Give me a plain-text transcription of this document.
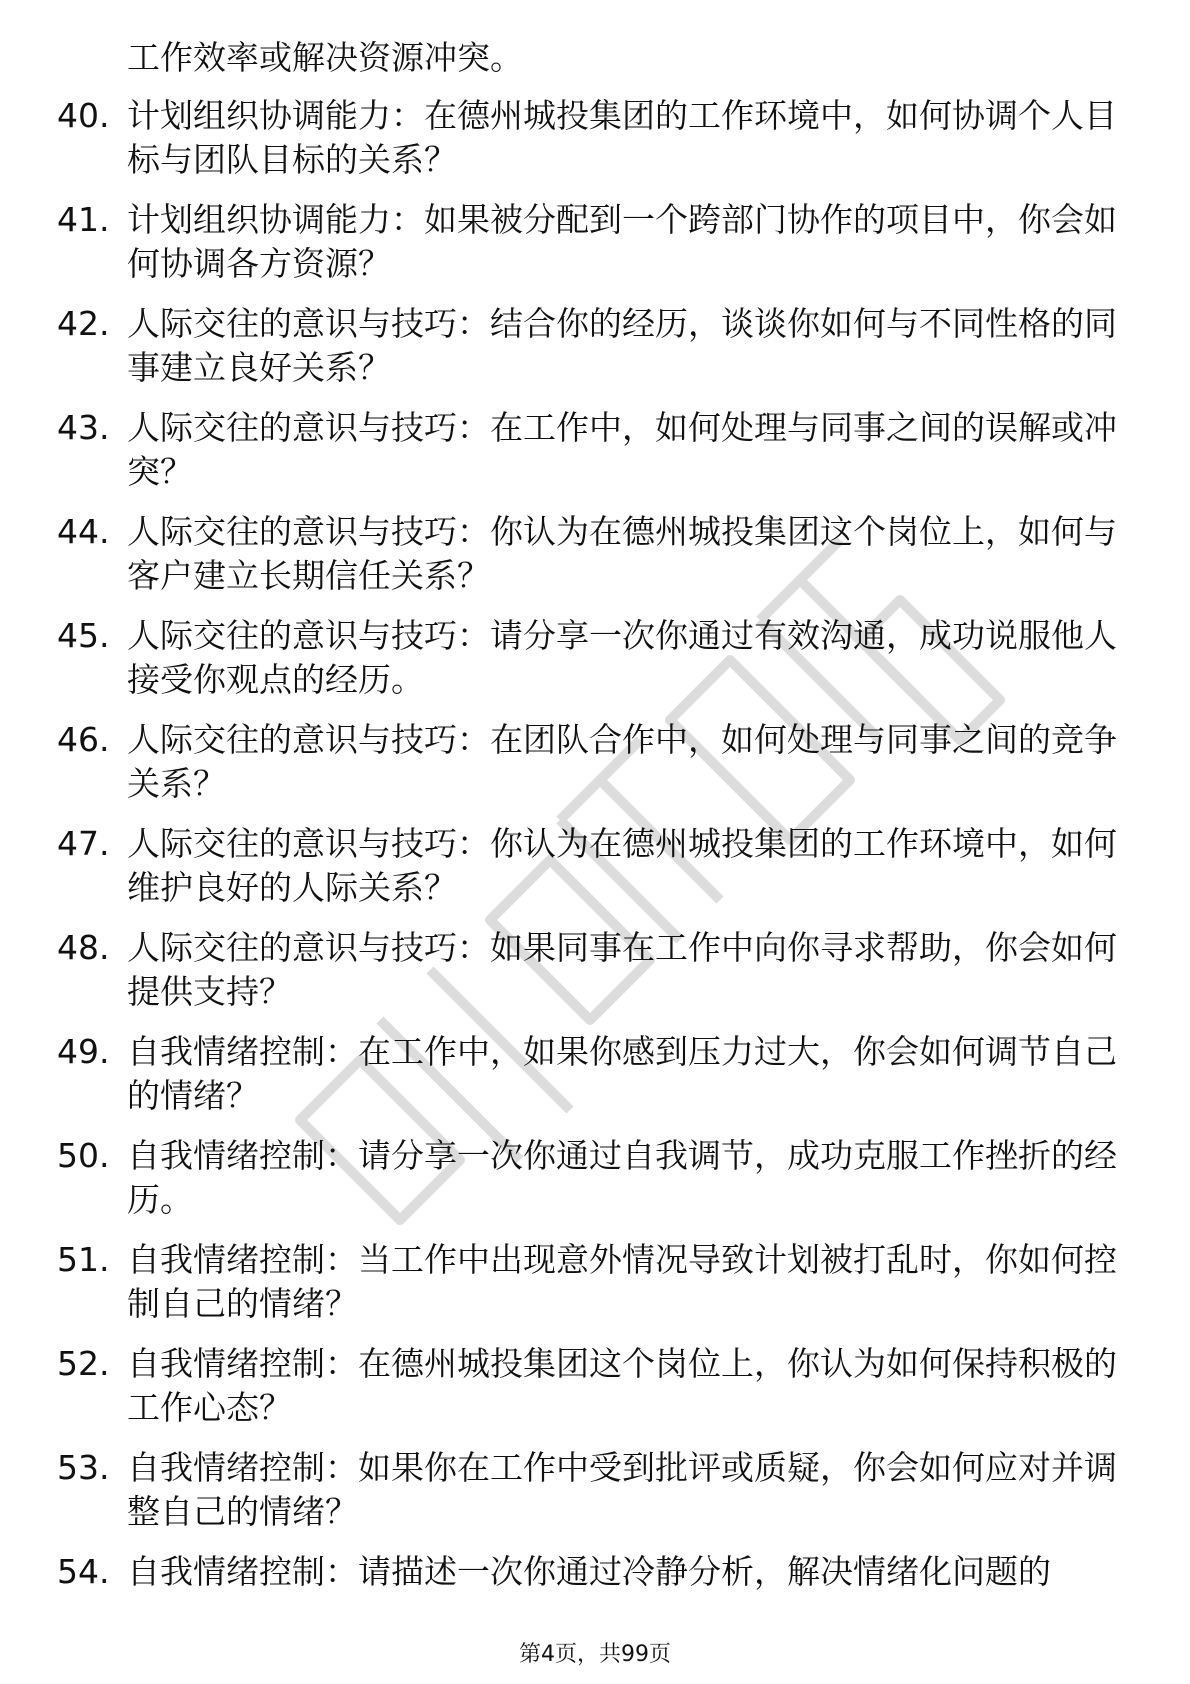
工作效率或解决资源冲突。
40. 计划组织协调能力：在德州城投集团的工作环境中，如何协调个人目标与团队目标的关系？
41. 计划组织协调能力：如果被分配到一个跨部门协作的项目中，你会如何协调各方资源？
42. 人际交往的意识与技巧：结合你的经历，谈谈你如何与不同性格的同事建立良好关系？
43. 人际交往的意识与技巧：在工作中，如何处理与同事之间的误解或冲突？
44. 人际交往的意识与技巧：你认为在德州城投集团这个岗位上，如何与客户建立长期信任关系？
45. 人际交往的意识与技巧：请分享一次你通过有效沟通，成功说服他人接受你观点的经历。
46. 人际交往的意识与技巧：在团队合作中，如何处理与同事之间的竞争关系？
47. 人际交往的意识与技巧：你认为在德州城投集团的工作环境中，如何维护良好的人际关系？
48. 人际交往的意识与技巧：如果同事在工作中向你寻求帮助，你会如何提供支持？
49. 自我情绪控制：在工作中，如果你感到压力过大，你会如何调节自己的情绪？
50. 自我情绪控制：请分享一次你通过自我调节，成功克服工作挫折的经历。
51. 自我情绪控制：当工作中出现意外情况导致计划被打乱时，你如何控制自己的情绪？
52. 自我情绪控制：在德州城投集团这个岗位上，你认为如何保持积极的工作心态？
53. 自我情绪控制：如果你在工作中受到批评或质疑，你会如何应对并调整自己的情绪？
54. 自我情绪控制：请描述一次你通过冷静分析，解决情绪化问题的
第4页，共99页
